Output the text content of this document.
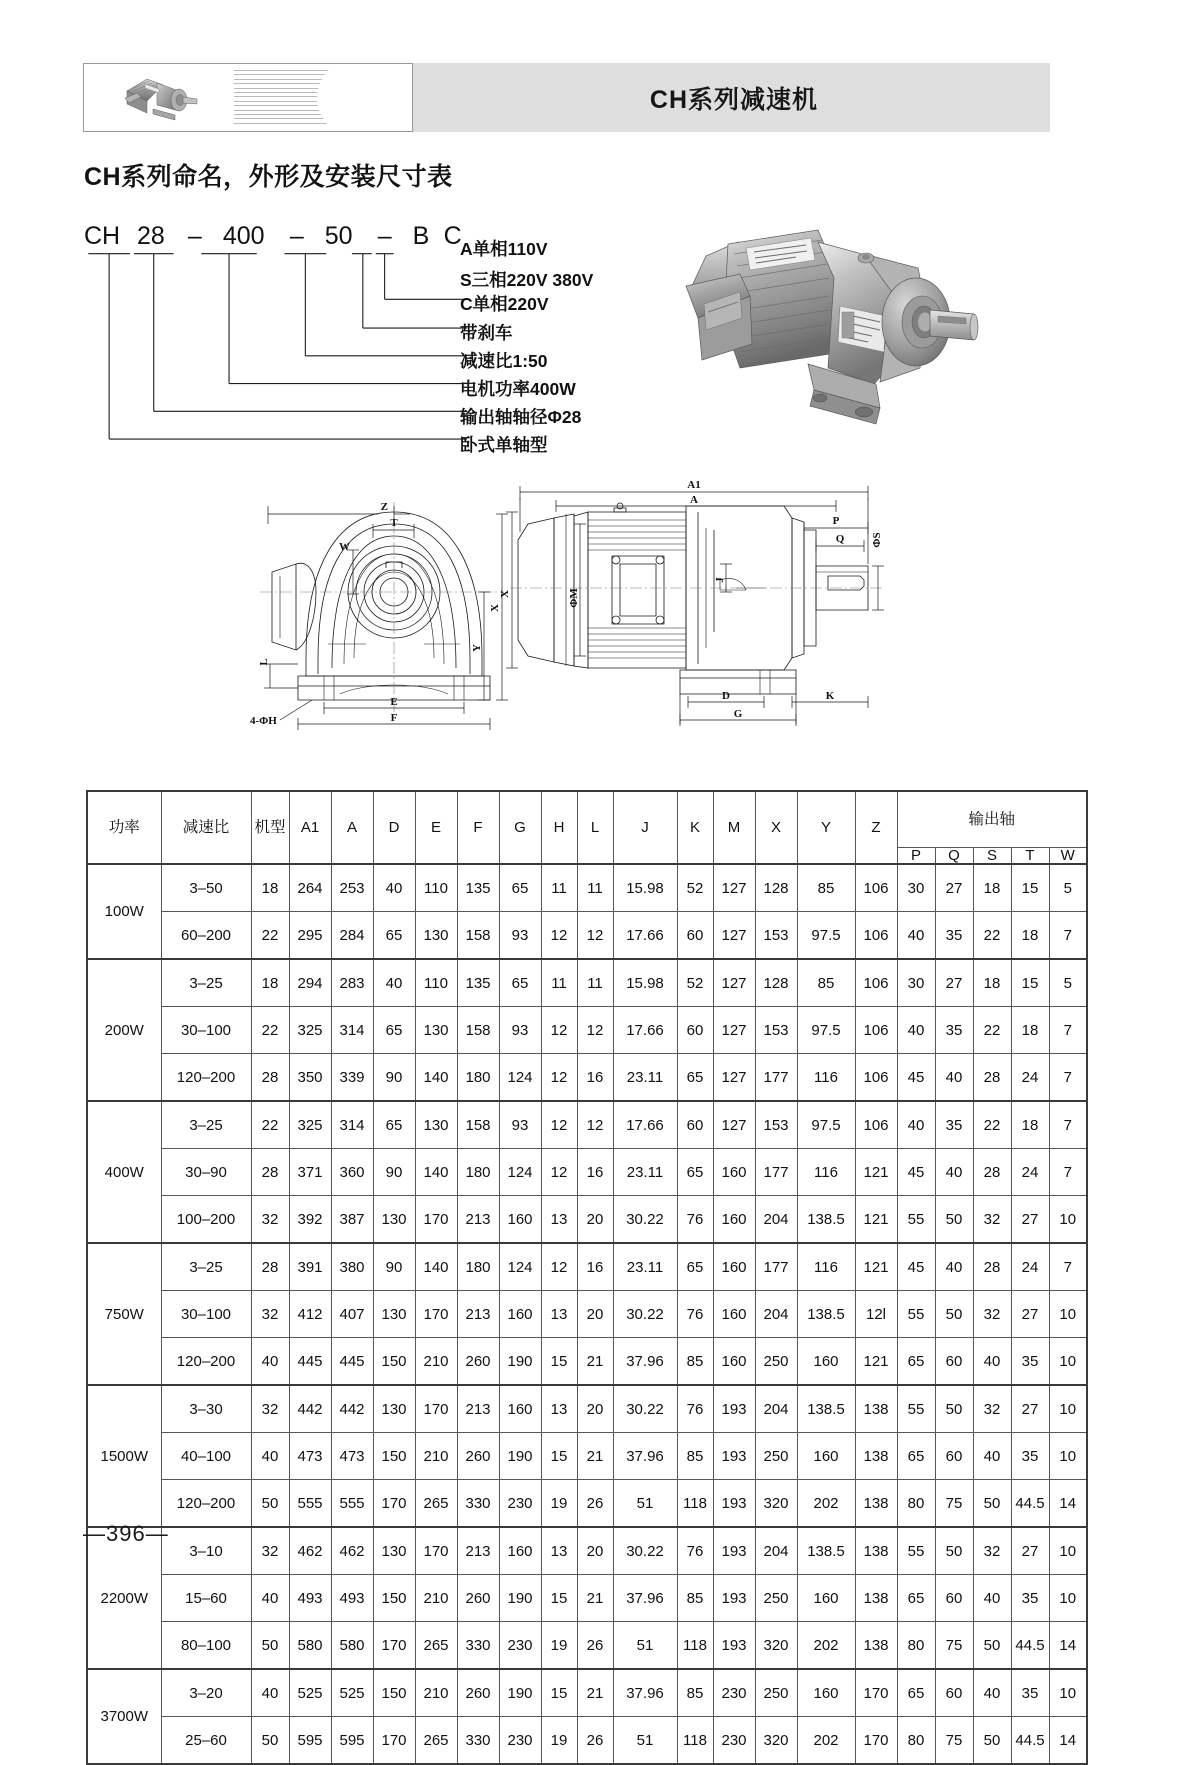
CH系列减速机
CH系列命名，外形及安装尺寸表
CH 28 – 400 – 50 – B C
A单相110V
S三相220V 380V
C单相220V
带刹车
减速比1:50
电机功率400W
输出轴轴径Φ28
卧式单轴型
Z
T
W
Y
X
L
E
F
4-ΦH
A1
A
X	ΦM
J
P
Q ΦS
D	K
G
功率	减速比	机型	A1	A	D	E	F	G	H	L	J	K	M	X	Y	Z	输出轴				
																	P	Q	S	T	W
100W	3–50	18	264	253	40	110	135	65	11	11	15.98	52	127	128	85	106	30	27	18	15	5
	60–200	22	295	284	65	130	158	93	12	12	17.66	60	127	153	97.5	106	40	35	22	18	7
200W	3–25	18	294	283	40	110	135	65	11	11	15.98	52	127	128	85	106	30	27	18	15	5
	30–100	22	325	314	65	130	158	93	12	12	17.66	60	127	153	97.5	106	40	35	22	18	7
	120–200	28	350	339	90	140	180	124	12	16	23.11	65	127	177	116	106	45	40	28	24	7
400W	3–25	22	325	314	65	130	158	93	12	12	17.66	60	127	153	97.5	106	40	35	22	18	7
	30–90	28	371	360	90	140	180	124	12	16	23.11	65	160	177	116	121	45	40	28	24	7
	100–200	32	392	387	130	170	213	160	13	20	30.22	76	160	204	138.5	121	55	50	32	27	10
750W	3–25	28	391	380	90	140	180	124	12	16	23.11	65	160	177	116	121	45	40	28	24	7
	30–100	32	412	407	130	170	213	160	13	20	30.22	76	160	204	138.5	12l	55	50	32	27	10
	120–200	40	445	445	150	210	260	190	15	21	37.96	85	160	250	160	121	65	60	40	35	10
1500W	3–30	32	442	442	130	170	213	160	13	20	30.22	76	193	204	138.5	138	55	50	32	27	10
	40–100	40	473	473	150	210	260	190	15	21	37.96	85	193	250	160	138	65	60	40	35	10
	120–200	50	555	555	170	265	330	230	19	26	51	118	193	320	202	138	80	75	50	44.5	14
2200W	3–10	32	462	462	130	170	213	160	13	20	30.22	76	193	204	138.5	138	55	50	32	27	10
	15–60	40	493	493	150	210	260	190	15	21	37.96	85	193	250	160	138	65	60	40	35	10
	80–100	50	580	580	170	265	330	230	19	26	51	118	193	320	202	138	80	75	50	44.5	14
3700W	3–20	40	525	525	150	210	260	190	15	21	37.96	85	230	250	160	170	65	60	40	35	10
	25–60	50	595	595	170	265	330	230	19	26	51	118	230	320	202	170	80	75	50	44.5	14
—396—
